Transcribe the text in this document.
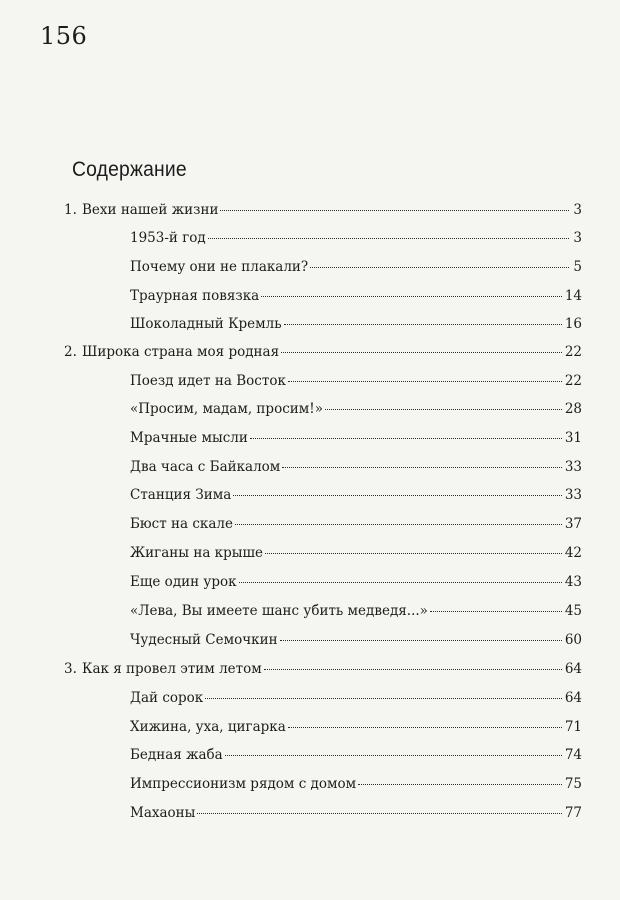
156
Содержание
1. Вехи нашей жизни	3
1953-й год	3
Почему они не плакали?	5
Траурная повязка	14
Шоколадный Кремль	16
2. Широка страна моя родная	22
Поезд идет на Восток	22
«Просим, мадам, просим!»	28
Мрачные мысли	31
Два часа с Байкалом	33
Станция Зима	33
Бюст на скале	37
Жиганы на крыше	42
Еще один урок	43
«Лева, Вы имеете шанс убить медведя...»	45
Чудесный Семочкин	60
3. Как я провел этим летом	64
Дай сорок	64
Хижина, уха, цигарка	71
Бедная жаба	74
Импрессионизм рядом с домом	75
Махаоны	77
